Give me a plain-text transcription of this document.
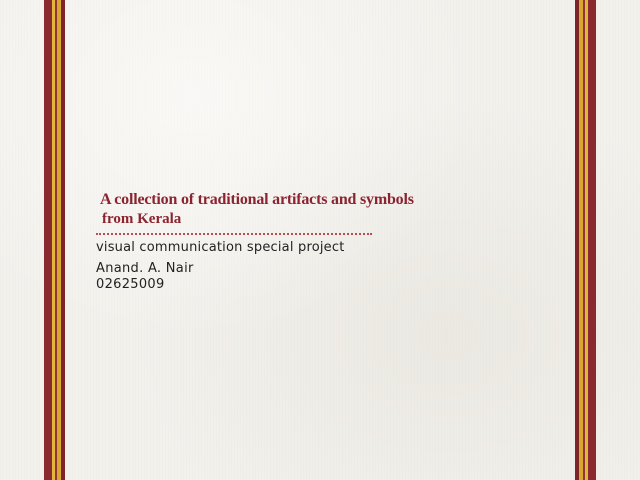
A collection of traditional artifacts and symbols
from Kerala
visual communication special project
Anand. A. Nair
02625009
